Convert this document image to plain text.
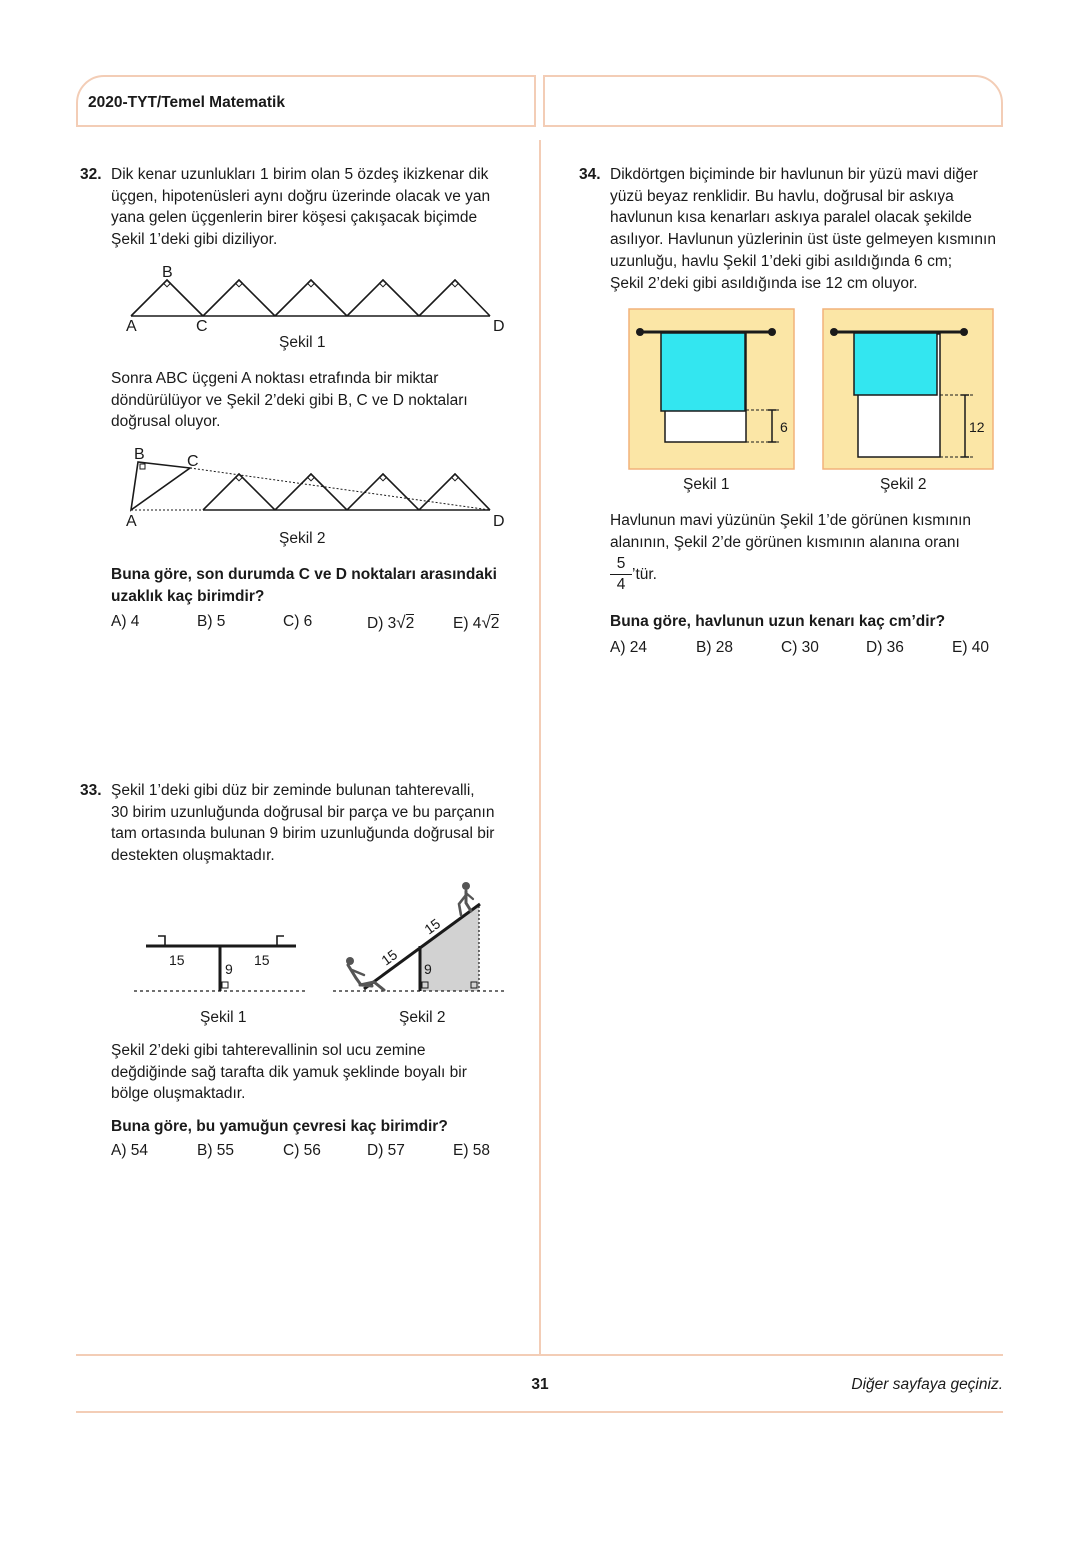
2020-TYT/Temel Matematik
32. Dik kenar uzunlukları 1 birim olan 5 özdeş ikizkenar dik
üçgen, hipotenüsleri aynı doğru üzerinde olacak ve yan
yana gelen üçgenlerin birer köşesi çakışacak biçimde
Şekil 1’deki gibi diziliyor.
A
B
C	D
Şekil 1
Sonra ABC üçgeni A noktası etrafında bir miktar
döndürülüyor ve Şekil 2’deki gibi B, C ve D noktaları
doğrusal oluyor.
A
B	C
D
Şekil 2
Buna göre, son durumda C ve D noktaları arasındaki
uzaklık kaç birimdir?
A) 4	B) 5	C) 6	D) 3√2 E) 4√2
33. Şekil 1’deki gibi düz bir zeminde bulunan tahterevalli,
30 birim uzunluğunda doğrusal bir parça ve bu parçanın
tam ortasında bulunan 9 birim uzunluğunda doğrusal bir
destekten oluşmaktadır.
15	15
9
Şekil 1
15
15
9
Şekil 2
Şekil 2’deki gibi tahterevallinin sol ucu zemine
değdiğinde sağ tarafta dik yamuk şeklinde boyalı bir
bölge oluşmaktadır.
Buna göre, bu yamuğun çevresi kaç birimdir?
A) 54	B) 55	C) 56	D) 57	E) 58
34. Dikdörtgen biçiminde bir havlunun bir yüzü mavi diğer
yüzü beyaz renklidir. Bu havlu, doğrusal bir askıya
havlunun kısa kenarları askıya paralel olacak şekilde
asılıyor. Havlunun yüzlerinin üst üste gelmeyen kısmının
uzunluğu, havlu Şekil 1’deki gibi asıldığında 6 cm;
Şekil 2’deki gibi asıldığında ise 12 cm oluyor.
6	12
Şekil 1	Şekil 2
Havlunun mavi yüzünün Şekil 1’de görünen kısmının
alanının, Şekil 2’de görünen kısmının alanına oranı
5
4
’tür.
Buna göre, havlunun uzun kenarı kaç cm’dir?
A) 24	B) 28	C) 30	D) 36	E) 40
31	Diğer sayfaya geçiniz.
